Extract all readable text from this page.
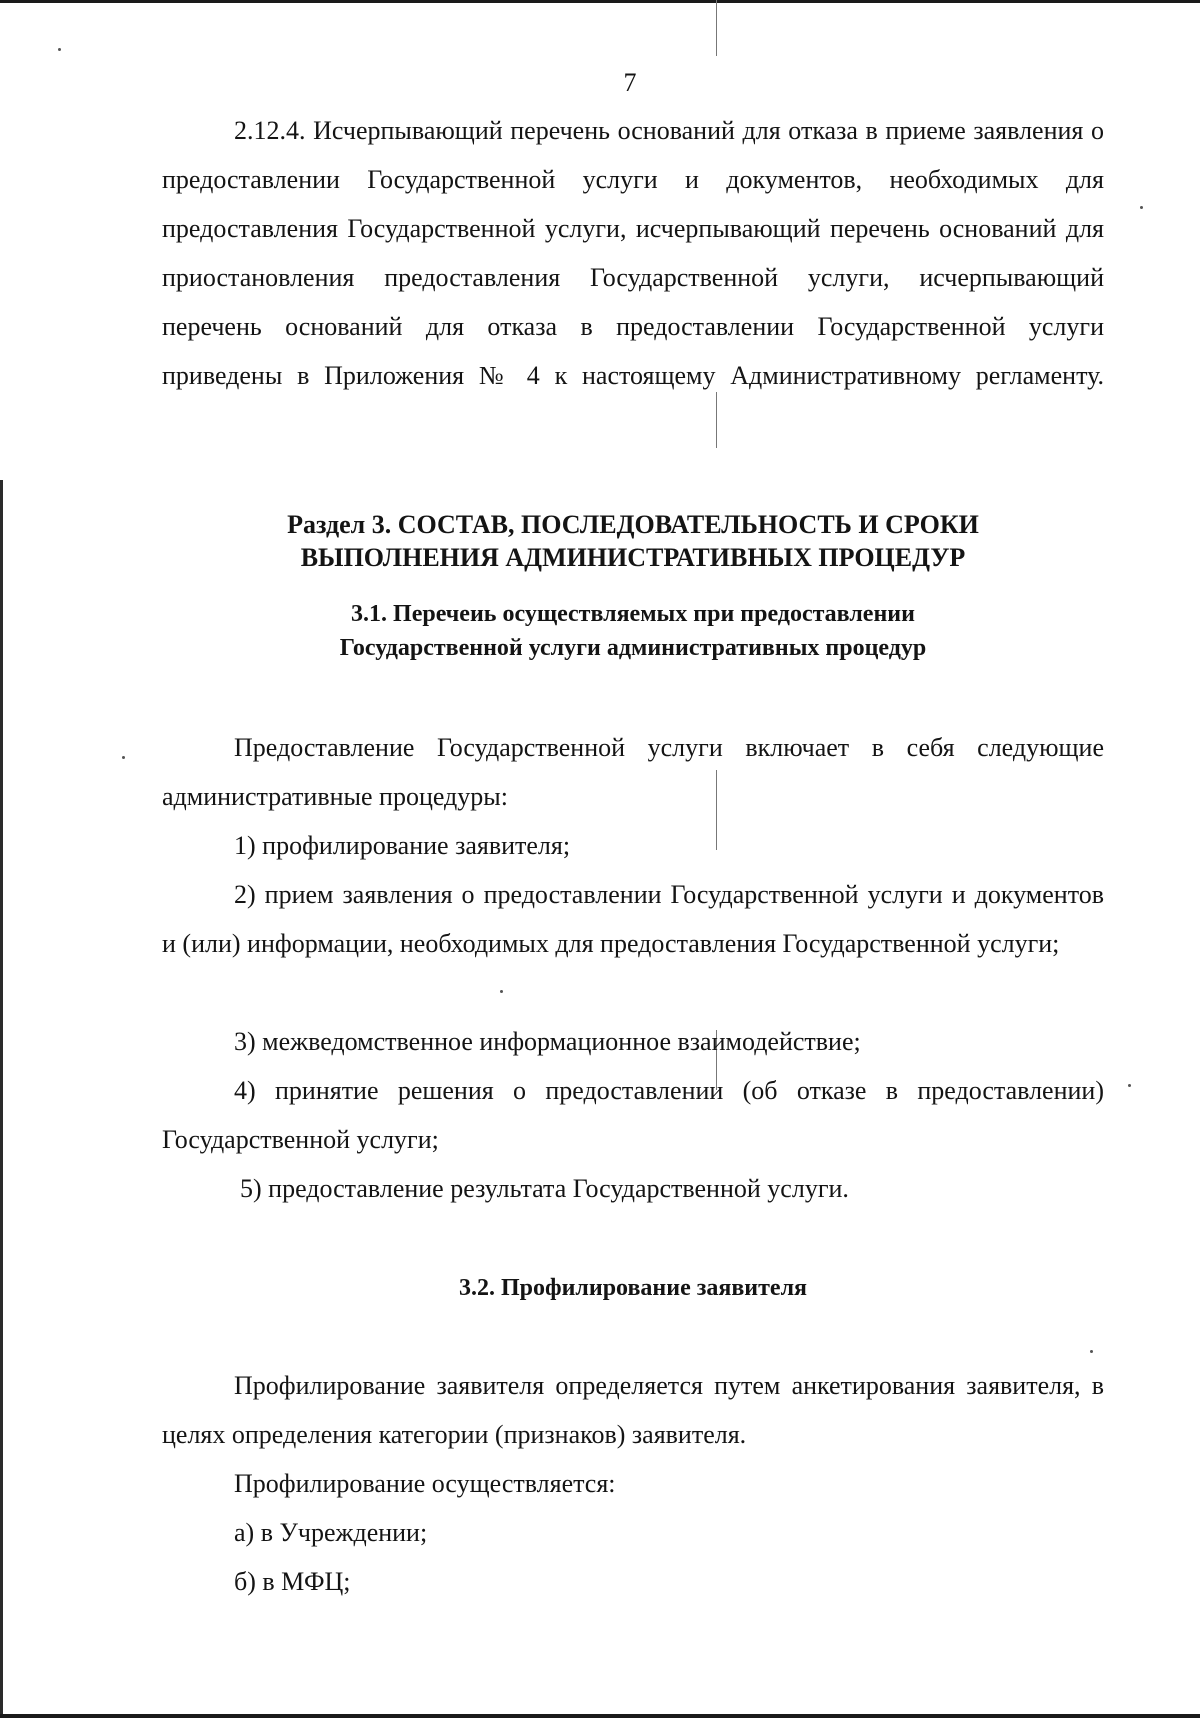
7
2.12.4. Исчерпывающий перечень оснований для отказа в приеме заявления о предоставлении Государственной услуги и документов, необходимых для предоставления Государственной услуги, исчерпывающий перечень оснований для приостановления предоставления Государственной услуги, исчерпывающий перечень оснований для отказа в предоставлении Государственной услуги приведены в Приложения № 4 к настоящему Административному регламенту.
Раздел 3. СОСТАВ, ПОСЛЕДОВАТЕЛЬНОСТЬ И СРОКИ
ВЫПОЛНЕНИЯ АДМИНИСТРАТИВНЫХ ПРОЦЕДУР
3.1. Перечеиь осуществляемых при предоставлении
Государственной услуги административных процедур
Предоставление Государственной услуги включает в себя следующие административные процедуры:
1) профилирование заявителя;
2) прием заявления о предоставлении Государственной услуги и документов и (или) информации, необходимых для предоставления Государственной услуги;
3) межведомственное информационное взаимодействие;
4) принятие решения о предоставлении (об отказе в предоставлении) Государственной услуги;
5) предоставление результата Государственной услуги.
3.2. Профилирование заявителя
Профилирование заявителя определяется путем анкетирования заявителя, в целях определения категории (признаков) заявителя.
Профилирование осуществляется:
а) в Учреждении;
б) в МФЦ;
